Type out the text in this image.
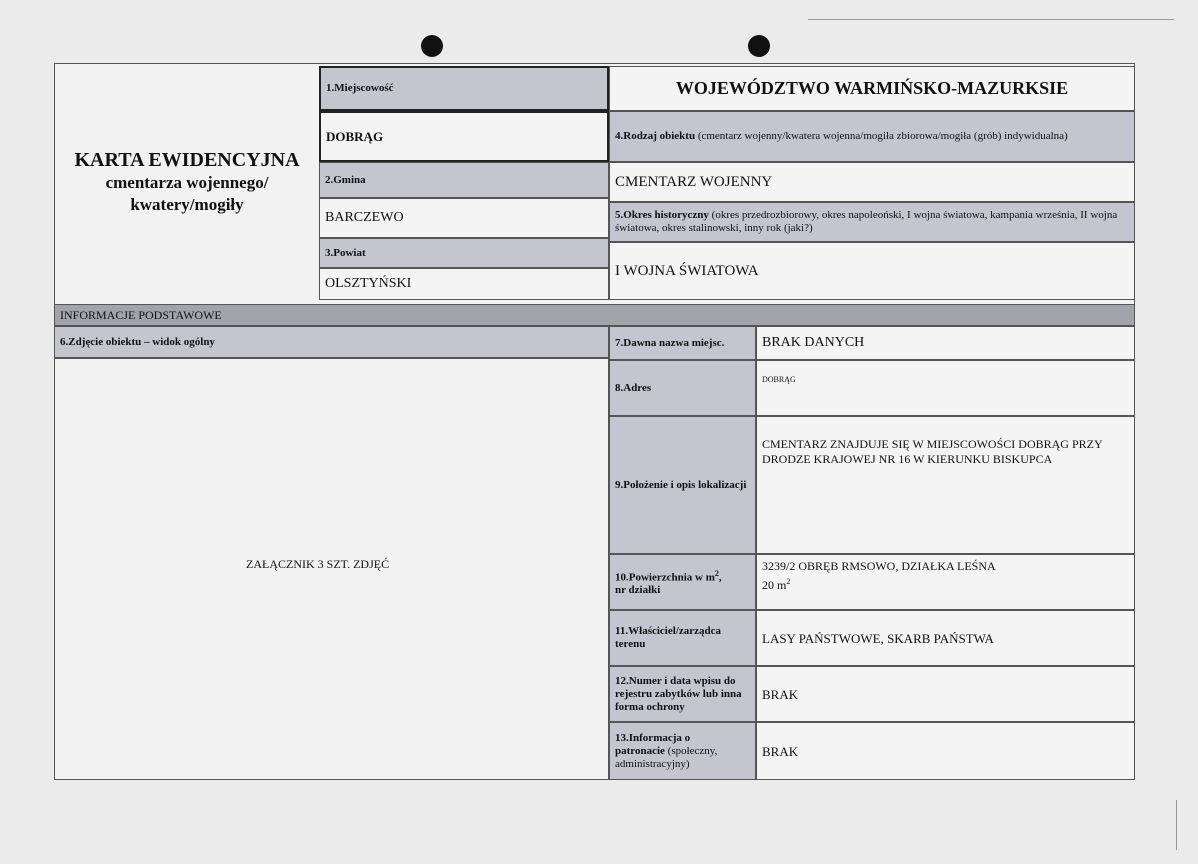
KARTA EWIDENCYJNA
cmentarza wojennego/
kwatery/mogiły
1.Miejscowość
DOBRĄG
2.Gmina
BARCZEWO
3.Powiat
OLSZTYŃSKI
WOJEWÓDZTWO WARMIŃSKO-MAZURKSIE
4.Rodzaj obiektu (cmentarz wojenny/kwatera wojenna/mogiła zbiorowa/mogiła (grób) indywidualna)
CMENTARZ WOJENNY
5.Okres historyczny (okres przedrozbiorowy, okres napoleoński, I wojna światowa, kampania września, II wojna światowa, okres stalinowski, inny rok (jaki?)
I WOJNA ŚWIATOWA
INFORMACJE PODSTAWOWE
6.Zdjęcie obiektu – widok ogólny
ZAŁĄCZNIK 3 SZT. ZDJĘĆ
7.Dawna nazwa miejsc.	BRAK DANYCH
8.Adres
DOBRĄG
9.Położenie i opis lokalizacji
CMENTARZ ZNAJDUJE SIĘ W MIEJSCOWOŚCI DOBRĄG PRZY DRODZE KRAJOWEJ NR 16 W KIERUNKU BISKUPCA
10.Powierzchnia w $m^2$,
nr działki
3239/2 OBRĘB RMSOWO, DZIAŁKA LEŚNA
20 $m^2$
11.Właściciel/zarządca terenu	LASY PAŃSTWOWE, SKARB PAŃSTWA
12.Numer i data wpisu do rejestru zabytków lub inna forma ochrony
BRAK
13.Informacja o
patronacie (społeczny, administracyjny)
BRAK
